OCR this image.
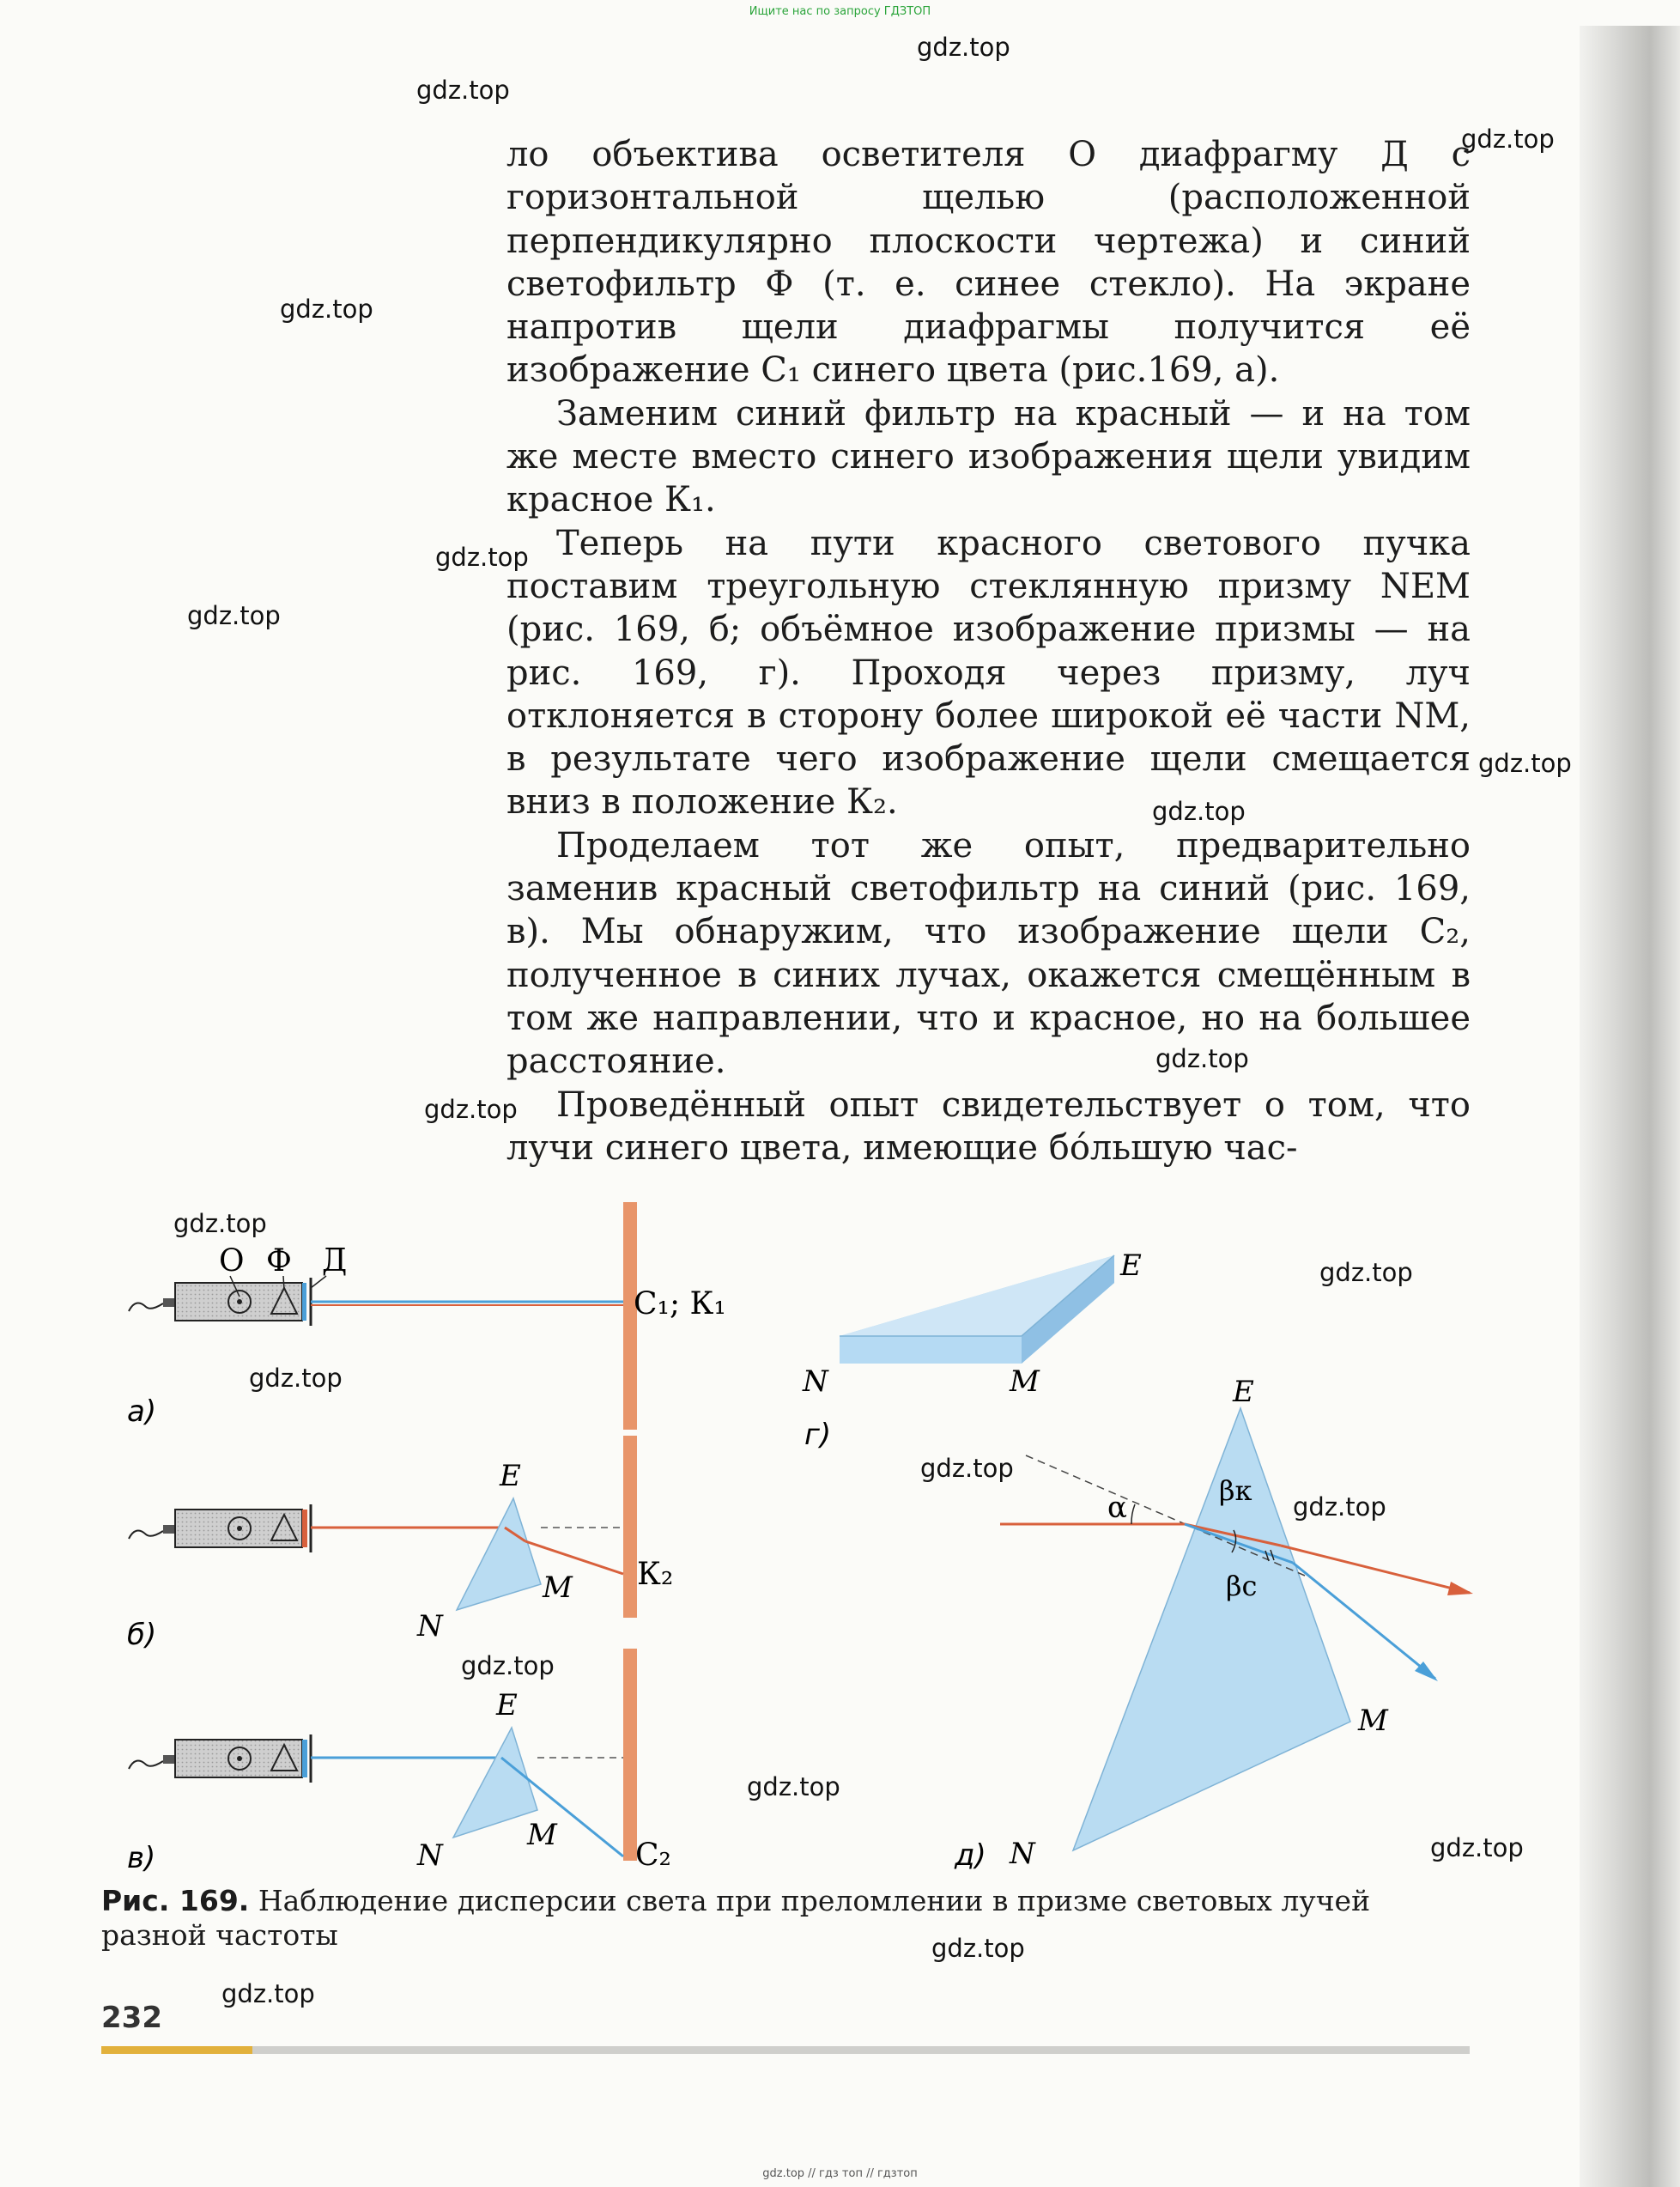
Ищите нас по запросу ГДЗТОП
gdz.top
gdz.top
gdz.top
gdz.top
gdz.top
gdz.top
gdz.top
gdz.top
gdz.top
gdz.top
gdz.top
gdz.top
gdz.top
gdz.top
gdz.top
gdz.top
gdz.top
gdz.top
gdz.top
gdz.top

ло объектива осветителя О диафрагму Д с горизонтальной щелью (расположенной перпендикулярно плоскости чертежа) и синий светофильтр Ф (т. е. синее стекло). На экране напротив щели диафрагмы получится её изображение С₁ синего цвета (рис.169, а).

Заменим синий фильтр на красный — и на том же месте вместо синего изображения щели увидим красное К₁.

Теперь на пути красного светового пучка поставим треугольную стеклянную призму NEM (рис. 169, б; объёмное изображение призмы — на рис. 169, г). Проходя через призму, луч отклоняется в сторону более широкой её части NM, в результате чего изображение щели смещается вниз в положение К₂.

Проделаем тот же опыт, предварительно заменив красный светофильтр на синий (рис. 169, в). Мы обнаружим, что изображение щели С₂, полученное в синих лучах, окажется смещённым в том же направлении, что и красное, но на большее расстояние.

Проведённый опыт свидетельствует о том, что лучи синего цвета, имеющие бóльшую час-

О Ф Д
С₁; К₁
а)
E
N
M К₂
б)
E
N
M
С₂
в)
E
N	M
г)
α	βк
βс
E
M
N
д)
Рис. 169. Наблюдение дисперсии света при преломлении в призме световых лучей разной частоты
232
gdz.top // гдз топ // гдзтоп
